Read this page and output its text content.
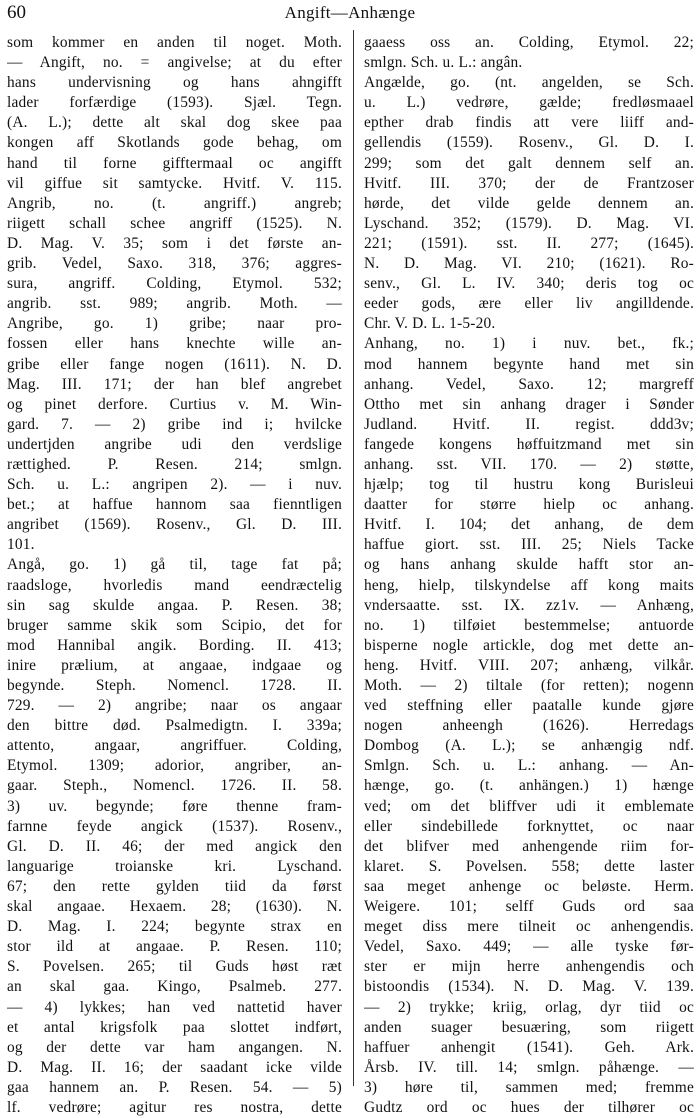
60	Angift—Anhænge
som kommer en anden til noget. Moth.
— Angift, no. = angivelse; at du efter
hans undervisning og hans ahngifft
lader forfærdige (1593). Sjæl. Tegn.
(A. L.); dette alt skal dog skee paa
kongen aff Skotlands gode behag, om
hand til forne gifftermaal oc angifft
vil giffue sit samtycke. Hvitf. V. 115.
Angrib, no. (t. angriff.) angreb;
riigett schall schee angriff (1525). N.
D. Mag. V. 35; som i det første an-
grib. Vedel, Saxo. 318, 376; aggres-
sura, angriff. Colding, Etymol. 532;
angrib. sst. 989; angrib. Moth. —
Angribe, go. 1) gribe; naar pro-
fossen eller hans knechte wille an-
gribe eller fange nogen (1611). N. D.
Mag. III. 171; der han blef angrebet
og pinet derfore. Curtius v. M. Win-
gard. 7. — 2) gribe ind i; hvilcke
undertjden angribe udi den verdslige
rættighed. P. Resen. 214; smlgn.
Sch. u. L.: angripen 2). — i nuv.
bet.; at haffue hannom saa fienntligen
angribet (1569). Rosenv., Gl. D. III.
101.
Angå, go. 1) gå til, tage fat på;
raadsloge, hvorledis mand eendræctelig
sin sag skulde angaa. P. Resen. 38;
bruger samme skik som Scipio, det for
mod Hannibal angik. Bording. II. 413;
inire prælium, at angaae, indgaae og
begynde. Steph. Nomencl. 1728. II.
729. — 2) angribe; naar os angaar
den bittre død. Psalmedigtn. I. 339a;
attento, angaar, angriffuer. Colding,
Etymol. 1309; adorior, angriber, an-
gaar. Steph., Nomencl. 1726. II. 58.
3) uv. begynde; føre thenne fram-
farnne feyde angick (1537). Rosenv.,
Gl. D. II. 46; der med angick den
languarige troianske kri. Lyschand.
67; den rette gylden tiid da først
skal angaae. Hexaem. 28; (1630). N.
D. Mag. I. 224; begynte strax en
stor ild at angaae. P. Resen. 110;
S. Povelsen. 265; til Guds høst ræt
an skal gaa. Kingo, Psalmeb. 277.
— 4) lykkes; han ved nattetid haver
et antal krigsfolk paa slottet indført,
og der dette var ham angangen. N.
D. Mag. II. 16; der saadant icke vilde
gaa hannem an. P. Resen. 54. — 5)
lf. vedrøre; agitur res nostra, dette
gaaess oss an. Colding, Etymol. 22;
smlgn. Sch. u. L.: angân.
Angælde, go. (nt. angelden, se Sch.
u. L.) vedrøre, gælde; fredløsmaael
epther drab findis att vere liiff and-
gellendis (1559). Rosenv., Gl. D. I.
299; som det galt dennem self an.
Hvitf. III. 370; der de Frantzoser
hørde, det vilde gelde dennem an.
Lyschand. 352; (1579). D. Mag. VI.
221; (1591). sst. II. 277; (1645).
N. D. Mag. VI. 210; (1621). Ro-
senv., Gl. L. IV. 340; deris tog oc
eeder gods, ære eller liv angilldende.
Chr. V. D. L. 1-5-20.
Anhang, no. 1) i nuv. bet., fk.;
mod hannem begynte hand met sin
anhang. Vedel, Saxo. 12; margreff
Ottho met sin anhang drager i Sønder
Judland. Hvitf. II. regist. ddd3v;
fangede kongens høffuitzmand met sin
anhang. sst. VII. 170. — 2) støtte,
hjælp; tog til hustru kong Burisleui
daatter for større hielp oc anhang.
Hvitf. I. 104; det anhang, de dem
haffue giort. sst. III. 25; Niels Tacke
og hans anhang skulde hafft stor an-
heng, hielp, tilskyndelse aff kong maits
vndersaatte. sst. IX. zz1v. — Anhæng,
no. 1) tilføiet bestemmelse; antuorde
bisperne nogle artickle, dog met dette an-
heng. Hvitf. VIII. 207; anhæng, vilkår.
Moth. — 2) tiltale (for retten); nogenn
ved steffning eller paatalle kunde gjøre
nogen anheengh (1626). Herredags
Dombog (A. L.); se anhængig ndf.
Smlgn. Sch. u. L.: anhang. — An-
hænge, go. (t. anhängen.) 1) hænge
ved; om det bliffver udi it emblemate
eller sindebillede forknyttet, oc naar
det blifver med anhengende riim for-
klaret. S. Povelsen. 558; dette laster
saa meget anhenge oc beløste. Herm.
Weigere. 101; selff Guds ord saa
meget diss mere tilneit oc anhengendis.
Vedel, Saxo. 449; — alle tyske før-
ster er mijn herre anhengendis och
bistoondis (1534). N. D. Mag. V. 139.
— 2) trykke; kriig, orlag, dyr tiid oc
anden suager besuæring, som riigett
haffuer anhengit (1541). Geh. Ark.
Årsb. IV. till. 14; smlgn. påhænge. —
3) høre til, sammen med; fremme
Gudtz ord oc hues der tilhører oc
